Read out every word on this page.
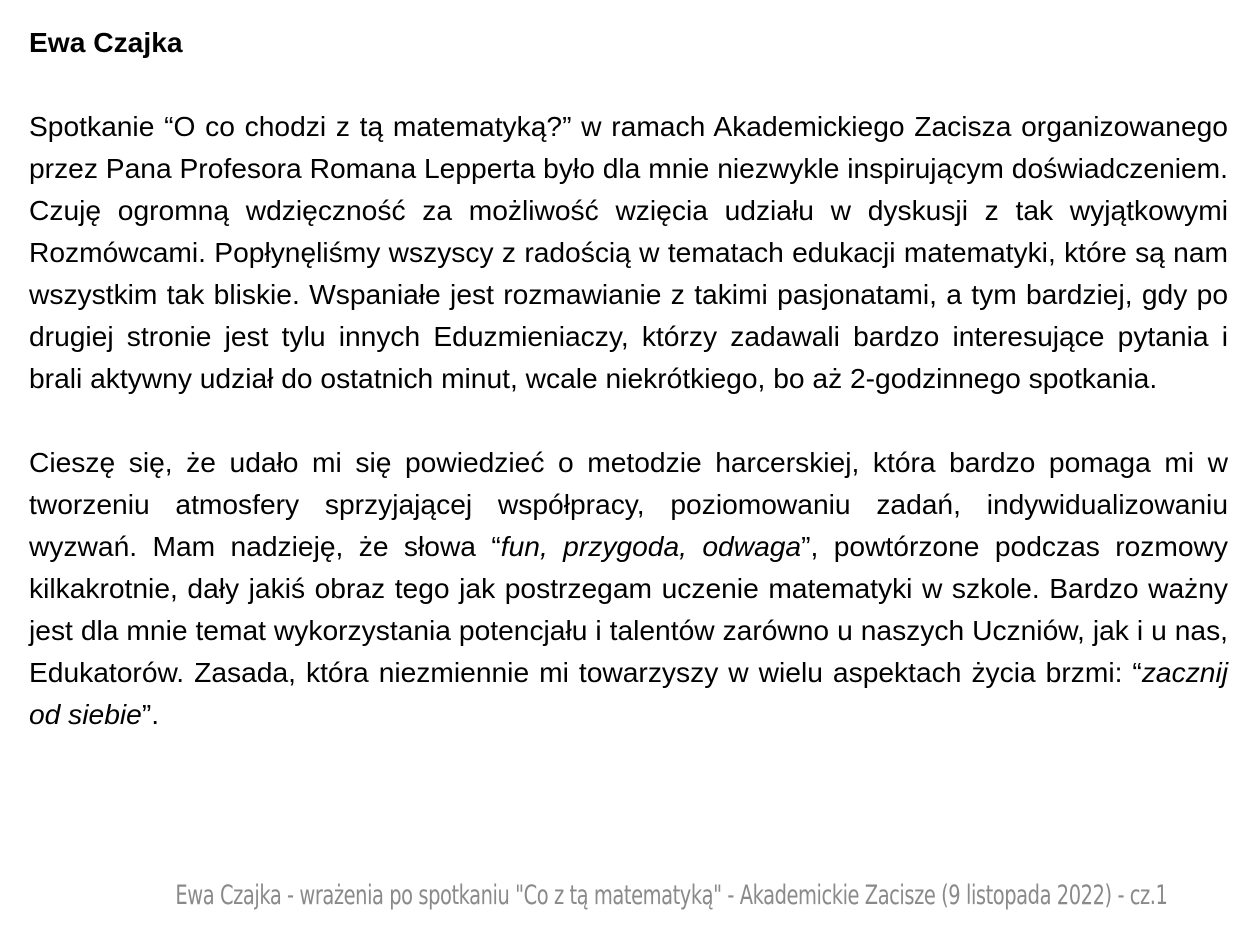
Ewa Czajka

Spotkanie “O co chodzi z tą matematyką?” w ramach Akademickiego Zacisza organizowanego przez Pana Profesora Romana Lepperta było dla mnie niezwykle inspirującym doświadczeniem. Czuję ogromną wdzięczność za możliwość wzięcia udziału w dyskusji z tak wyjątkowymi Rozmówcami. Popłynęliśmy wszyscy z radością w tematach edukacji matematyki, które są nam wszystkim tak bliskie. Wspaniałe jest rozmawianie z takimi pasjonatami, a tym bardziej, gdy po drugiej stronie jest tylu innych Eduzmieniaczy, którzy zadawali bardzo interesujące pytania i brali aktywny udział do ostatnich minut, wcale niekrótkiego, bo aż 2-godzinnego spotkania.

Cieszę się, że udało mi się powiedzieć o metodzie harcerskiej, która bardzo pomaga mi w tworzeniu atmosfery sprzyjającej współpracy, poziomowaniu zadań, indywidualizowaniu wyzwań. Mam nadzieję, że słowa “fun, przygoda, odwaga”, powtórzone podczas rozmowy kilkakrotnie, dały jakiś obraz tego jak postrzegam uczenie matematyki w szkole. Bardzo ważny jest dla mnie temat wykorzystania potencjału i talentów zarówno u naszych Uczniów, jak i u nas, Edukatorów. Zasada, która niezmiennie mi towarzyszy w wielu aspektach życia brzmi: “zacznij od siebie”.

Ewa Czajka - wrażenia po spotkaniu "Co z tą matematyką" - Akademickie Zacisze (9 listopada 2022) - cz.1
